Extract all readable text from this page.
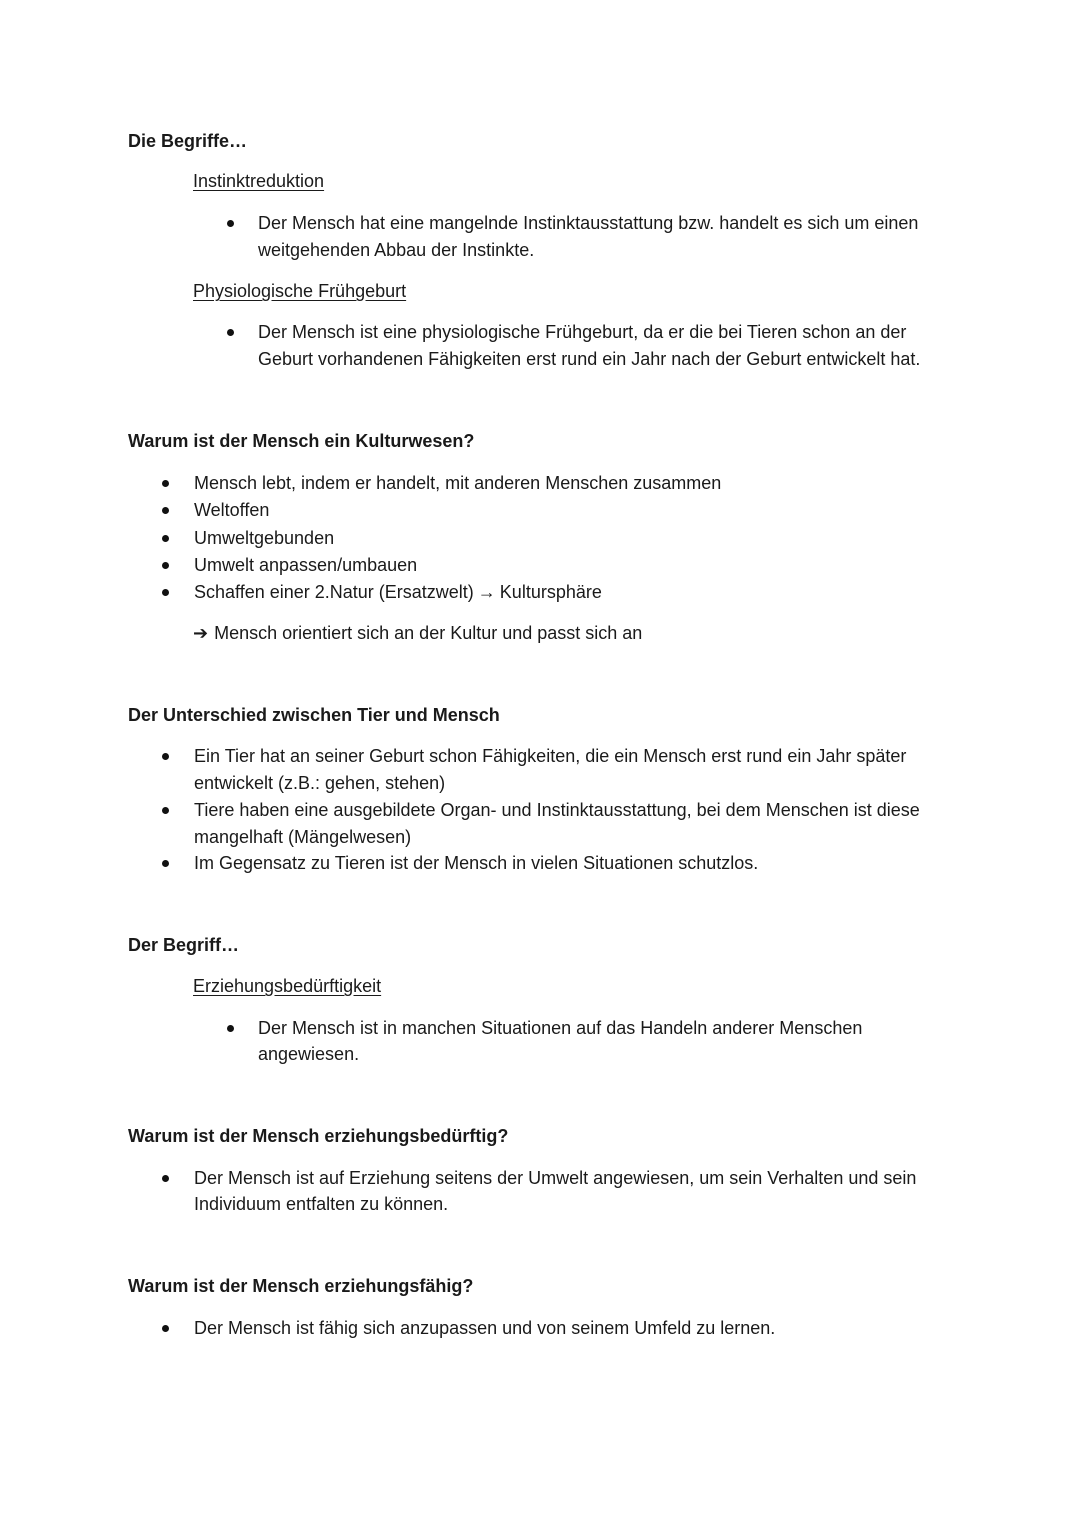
Die Begriffe…
Instinktreduktion
Der Mensch hat eine mangelnde Instinktausstattung bzw. handelt es sich um einen
weitgehenden Abbau der Instinkte.
Physiologische Frühgeburt
Der Mensch ist eine physiologische Frühgeburt, da er die bei Tieren schon an der
Geburt vorhandenen Fähigkeiten erst rund ein Jahr nach der Geburt entwickelt hat.
Warum ist der Mensch ein Kulturwesen?
Mensch lebt, indem er handelt, mit anderen Menschen zusammen
Weltoffen
Umweltgebunden
Umwelt anpassen/umbauen
Schaffen einer 2.Natur (Ersatzwelt) → Kultursphäre
➔ Mensch orientiert sich an der Kultur und passt sich an
Der Unterschied zwischen Tier und Mensch
Ein Tier hat an seiner Geburt schon Fähigkeiten, die ein Mensch erst rund ein Jahr später
entwickelt (z.B.: gehen, stehen)
Tiere haben eine ausgebildete Organ- und Instinktausstattung, bei dem Menschen ist diese
mangelhaft (Mängelwesen)
Im Gegensatz zu Tieren ist der Mensch in vielen Situationen schutzlos.
Der Begriff…
Erziehungsbedürftigkeit
Der Mensch ist in manchen Situationen auf das Handeln anderer Menschen
angewiesen.
Warum ist der Mensch erziehungsbedürftig?
Der Mensch ist auf Erziehung seitens der Umwelt angewiesen, um sein Verhalten und sein
Individuum entfalten zu können.
Warum ist der Mensch erziehungsfähig?
Der Mensch ist fähig sich anzupassen und von seinem Umfeld zu lernen.
